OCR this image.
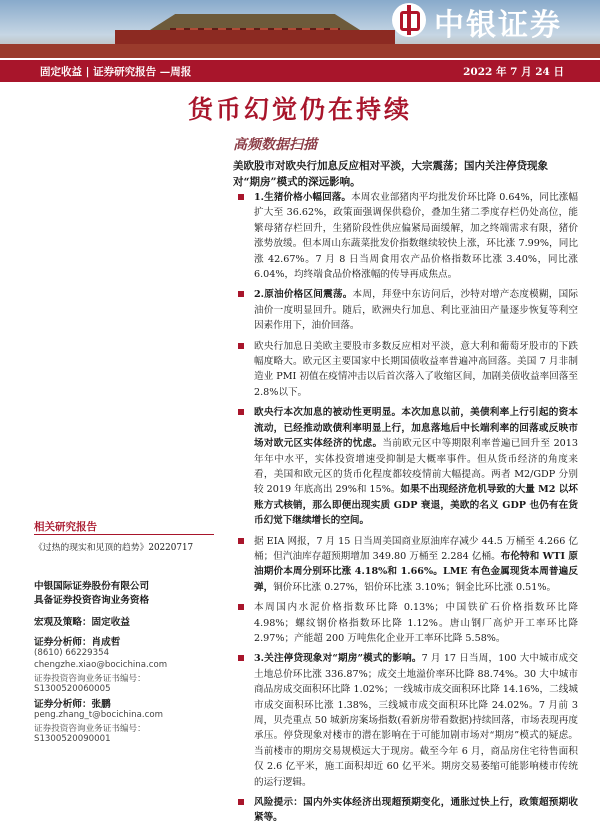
中银证券
固定收益 | 证券研究报告 —周报	2022 年 7 月 24 日
货币幻觉仍在持续
高频数据扫描
美欧股市对欧央行加息反应相对平淡，大宗震荡；国内关注停贷现象对“期房”模式的深远影响。
1.生猪价格小幅回落。本周农业部猪肉平均批发价环比降 0.64%，同比涨幅扩大至 36.62%，政策面强调保供稳价，叠加生猪二季度存栏仍处高位，能繁母猪存栏回升，生猪阶段性供应偏紧局面缓解，加之终端需求有限，猪价涨势放缓。但本周山东蔬菜批发价指数继续较快上涨，环比涨 7.99%，同比涨 42.67%。7 月 8 日当周食用农产品价格指数环比涨 3.40%，同比涨 6.04%，均终端食品价格涨幅的传导再成焦点。
2.原油价格区间震荡。本周，拜登中东访问后，沙特对增产态度模糊，国际油价一度明显回升。随后，欧洲央行加息、利比亚油田产量逐步恢复等利空因素作用下，油价回落。
欧央行加息日美欧主要股市多数反应相对平淡，意大利和葡萄牙股市的下跌幅度略大。欧元区主要国家中长期国债收益率普遍冲高回落。美国 7 月非制造业 PMI 初值在疫情冲击以后首次落入了收缩区间，加剧美债收益率回落至 2.8%以下。
欧央行本次加息的被动性更明显。本次加息以前，美债利率上行引起的资本流动，已经推动欧债利率明显上行，加息落地后中长端利率的回落或反映市场对欧元区实体经济的忧虑。当前欧元区中等期限利率普遍已回升至 2013 年年中水平，实体投资增速受抑制是大概率事件。但从货币经济的角度来看，美国和欧元区的货币化程度都较疫情前大幅提高。两者 M2/GDP 分别较 2019 年底高出 29%和 15%。如果不出现经济危机导致的大量 M2 以坏账方式核销，那么即便出现实质 GDP 衰退，美欧的名义 GDP 也仍有在货币幻觉下继续增长的空间。
据 EIA 网报，7 月 15 日当周美国商业原油库存减少 44.5 万桶至 4.266 亿桶；但汽油库存超预期增加 349.80 万桶至 2.284 亿桶。布伦特和 WTI 原油期价本周分别环比涨 4.18%和 1.66%。LME 有色金属现货本周普遍反弹，铜价环比涨 0.27%，铝价环比涨 3.10%；铜金比环比涨 0.51%。
本周国内水泥价格指数环比降 0.13%；中国铁矿石价格指数环比降 4.98%；螺纹钢价格指数环比降 1.12%。唐山钢厂高炉开工率环比降 2.97%；产能超 200 万吨焦化企业开工率环比降 5.58%。
3.关注停贷现象对“期房”模式的影响。7 月 17 日当周，100 大中城市成交土地总价环比涨 336.87%；成交土地溢价率环比降 88.74%。30 大中城市商品房成交面积环比降 1.02%；一线城市成交面积环比降 14.16%，二线城市成交面积环比涨 1.38%，三线城市成交面积环比降 24.02%。7 月前 3 周，贝壳重点 50 城新房案场指数(看新房带看数据)持续回落，市场表现再度承压。停贷现象对楼市的潜在影响在于可能加剧市场对“期房”模式的疑虑。当前楼市的期房交易规模远大于现房。截至今年 6 月，商品房住宅待售面积仅 2.6 亿平米，施工面积却近 60 亿平米。期房交易萎缩可能影响楼市传统的运行逻辑。
风险提示：国内外实体经济出现超预期变化，通胀过快上行，政策超预期收紧等。
相关研究报告
《过热的现实和见顶的趋势》20220717
中银国际证券股份有限公司
具备证券投资咨询业务资格
宏观及策略：固定收益
证券分析师：肖成哲
(8610) 66229354
chengzhe.xiao@bocichina.com
证券投资咨询业务证书编号：S1300520060005
证券分析师：张鹏
peng.zhang_t@bocichina.com
证券投资咨询业务证书编号：S1300520090001
